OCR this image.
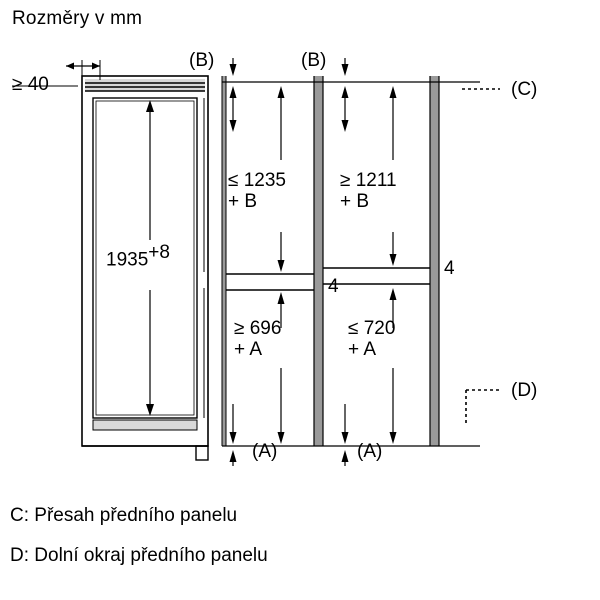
Rozměry v mm
≥ 40
1935+8
(B)	(B)
(C)
(D)
(A)	(A)
≤ 1235
+ B
≥ 1211
+ B
≥ 696
+ A
≤ 720
+ A
4
4
C: Přesah předního panelu
D: Dolní okraj předního panelu
